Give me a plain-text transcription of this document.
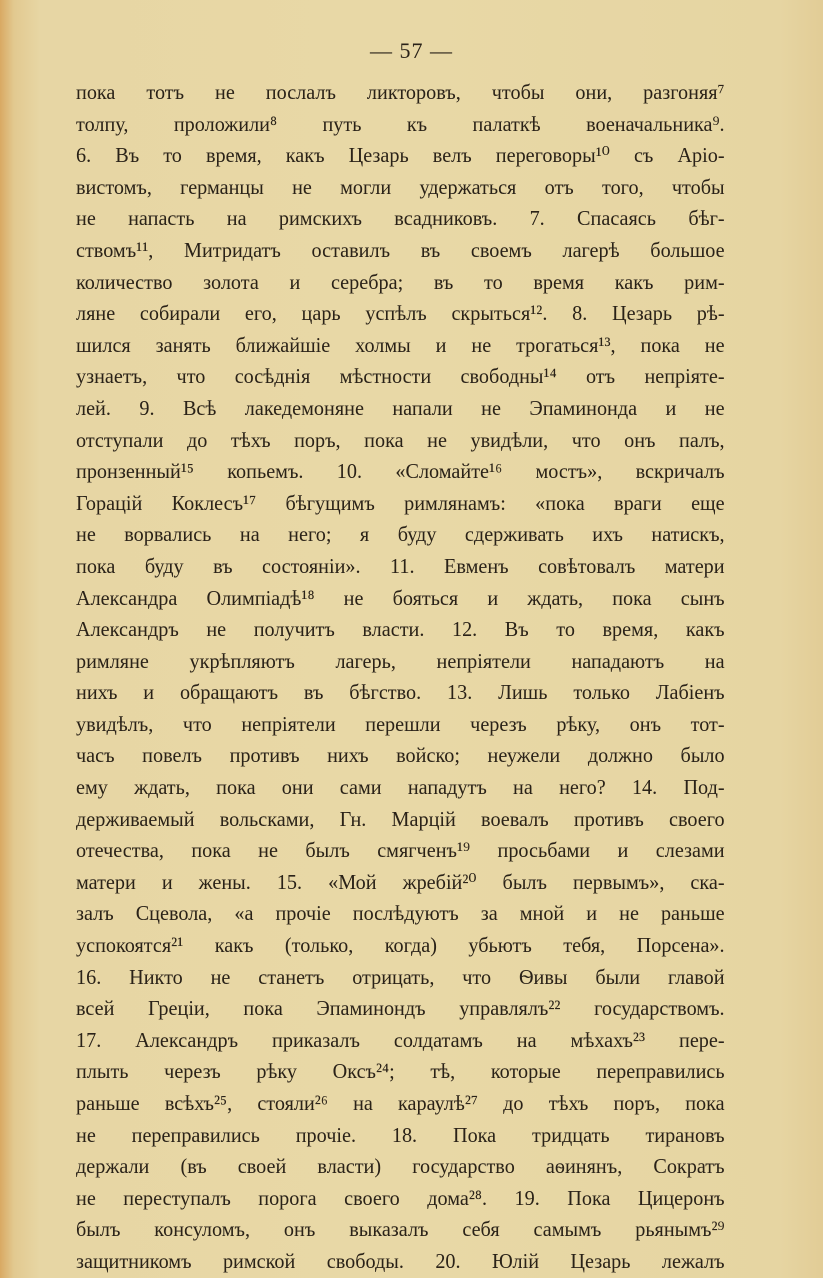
— 57 —
пока тотъ не послалъ ликторовъ, чтобы они, разгоняя⁷
толпу, проложили⁸ путь къ палаткѣ военачальника⁹.
6. Въ то время, какъ Цезарь велъ переговоры¹⁰ съ Аріо-
вистомъ, германцы не могли удержаться отъ того, чтобы
не напасть на римскихъ всадниковъ. 7. Спасаясь бѣг-
ствомъ¹¹, Митридатъ оставилъ въ своемъ лагерѣ большое
количество золота и серебра; въ то время какъ рим-
ляне собирали его, царь успѣлъ скрыться¹². 8. Цезарь рѣ-
шился занять ближайшіе холмы и не трогаться¹³, пока не
узнаетъ, что сосѣднія мѣстности свободны¹⁴ отъ непріяте-
лей. 9. Всѣ лакедемоняне напали не Эпаминонда и не
отступали до тѣхъ поръ, пока не увидѣли, что онъ палъ,
пронзенный¹⁵ копьемъ. 10. «Сломайте¹⁶ мостъ», вскричалъ
Горацій Коклесъ¹⁷ бѣгущимъ римлянамъ: «пока враги еще
не ворвались на него; я буду сдерживать ихъ натискъ,
пока буду въ состояніи». 11. Евменъ совѣтовалъ матери
Александра Олимпіадѣ¹⁸ не бояться и ждать, пока сынъ
Александръ не получитъ власти. 12. Въ то время, какъ
римляне укрѣпляютъ лагерь, непріятели нападаютъ на
нихъ и обращаютъ въ бѣгство. 13. Лишь только Лабіенъ
увидѣлъ, что непріятели перешли черезъ рѣку, онъ тот-
часъ повелъ противъ нихъ войско; неужели должно было
ему ждать, пока они сами нападутъ на него? 14. Под-
держиваемый вольсками, Гн. Марцій воевалъ противъ своего
отечества, пока не былъ смягченъ¹⁹ просьбами и слезами
матери и жены. 15. «Мой жребій²⁰ былъ первымъ», ска-
залъ Сцевола, «а прочіе послѣдуютъ за мной и не раньше
успокоятся²¹ какъ (только, когда) убьютъ тебя, Порсена».
16. Никто не станетъ отрицать, что Ѳивы были главой
всей Греціи, пока Эпаминондъ управлялъ²² государствомъ.
17. Александръ приказалъ солдатамъ на мѣхахъ²³ пере-
плыть черезъ рѣку Оксъ²⁴; тѣ, которые переправились
раньше всѣхъ²⁵, стояли²⁶ на караулѣ²⁷ до тѣхъ поръ, пока
не переправились прочіе. 18. Пока тридцать тирановъ
держали (въ своей власти) государство аѳинянъ, Сократъ
не переступалъ порога своего дома²⁸. 19. Пока Цицеронъ
былъ консуломъ, онъ выказалъ себя самымъ рьянымъ²⁹
защитникомъ римской свободы. 20. Юлій Цезарь лежалъ
